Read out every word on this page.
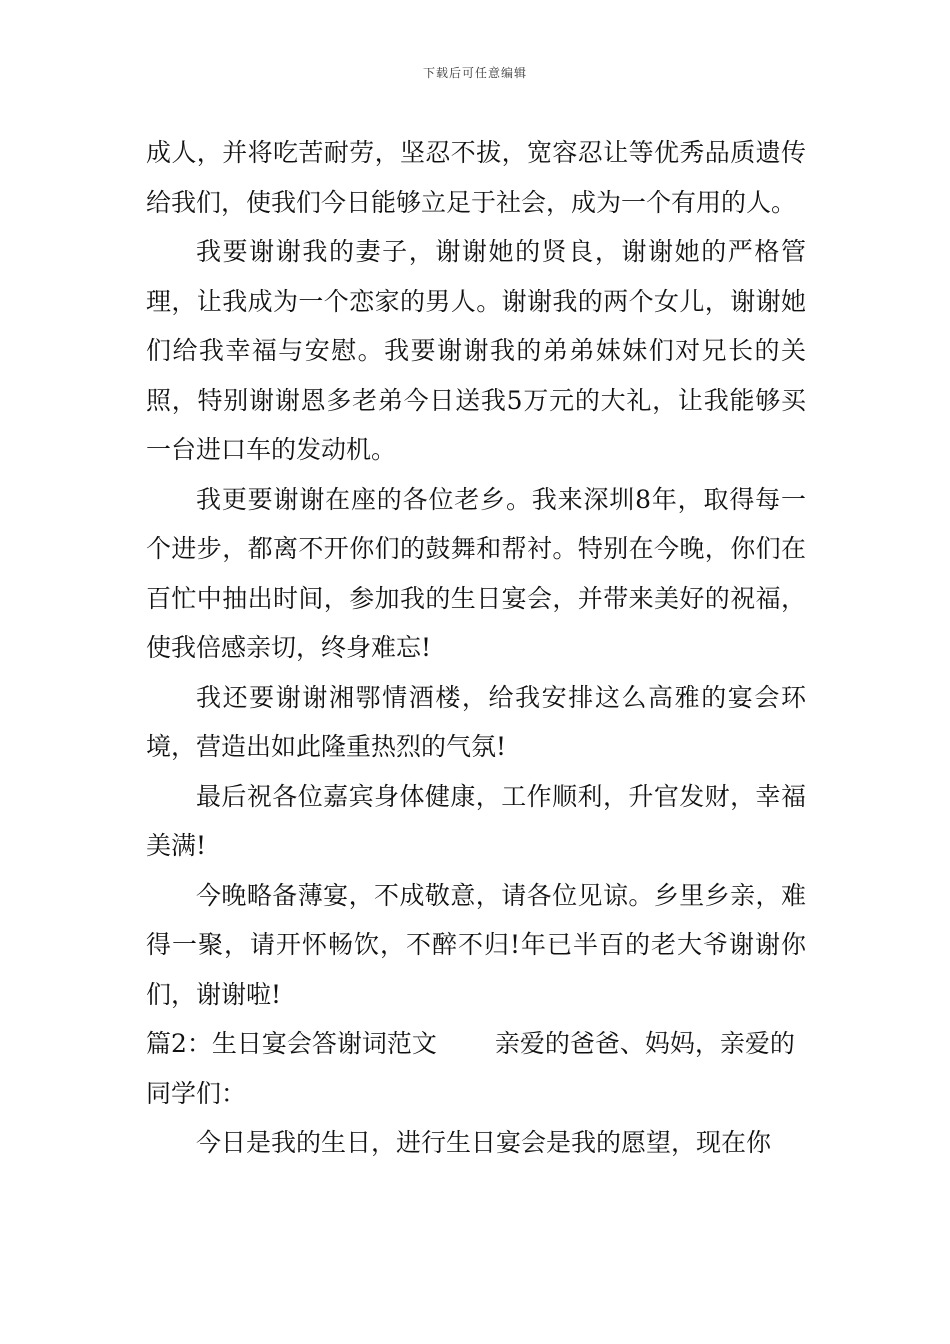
下载后可任意编辑

成人，并将吃苦耐劳，坚忍不拔，宽容忍让等优秀品质遗传给我们，使我们今日能够立足于社会，成为一个有用的人。

我要谢谢我的妻子，谢谢她的贤良，谢谢她的严格管理，让我成为一个恋家的男人。谢谢我的两个女儿，谢谢她们给我幸福与安慰。我要谢谢我的弟弟妹妹们对兄长的关照，特别谢谢恩多老弟今日送我5万元的大礼，让我能够买一台进口车的发动机。

我更要谢谢在座的各位老乡。我来深圳8年，取得每一个进步，都离不开你们的鼓舞和帮衬。特别在今晚，你们在百忙中抽出时间，参加我的生日宴会，并带来美好的祝福，使我倍感亲切，终身难忘!

我还要谢谢湘鄂情酒楼，给我安排这么高雅的宴会环境，营造出如此隆重热烈的气氛!

最后祝各位嘉宾身体健康，工作顺利，升官发财，幸福美满!

今晚略备薄宴，不成敬意，请各位见谅。乡里乡亲，难得一聚，请开怀畅饮，不醉不归!年已半百的老大爷谢谢你们，谢谢啦!

篇2：生日宴会答谢词范文 亲爱的爸爸、妈妈，亲爱的同学们：

今日是我的生日，进行生日宴会是我的愿望，现在你
